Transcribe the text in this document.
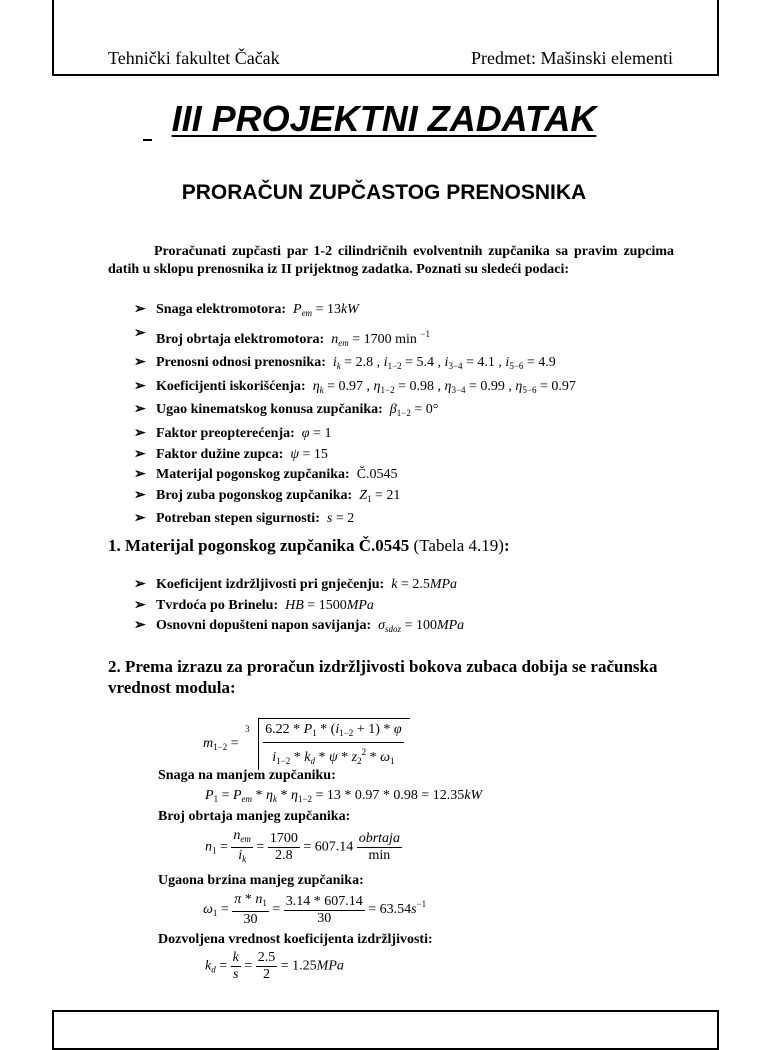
Tehnički fakultet Čačak	Predmet: Mašinski elementi
III PROJEKTNI ZADATAK
PRORAČUN ZUPČASTOG PRENOSNIKA
Proračunati zupčasti par 1-2 cilindričnih evolventnih zupčanika sa pravim zupcima datih u sklopu prenosnika iz II prijektnog zadatka. Poznati su sledeći podaci:
➢ Snaga elektromotora: $P_{em} = 13kW$
➢ Broj obrtaja elektromotora: $n_{em} = 1700$ min $^{-1}$
➢ Prenosni odnosi prenosnika: $i_k = 2.8$ , $i_{1-2} = 5.4$ , $i_{3-4} = 4.1$ , $i_{5-6} = 4.9$
➢ Koeficijenti iskorišćenja: $\eta_k = 0.97$ , $\eta_{1-2} = 0.98$ , $\eta_{3-4} = 0.99$ , $\eta_{5-6} = 0.97$
➢ Ugao kinematskog konusa zupčanika: $\beta_{1-2} = 0^\circ$
➢ Faktor preopterećenja: φ = 1
➢ Faktor dužine zupca: ψ = 15
➢ Materijal pogonskog zupčanika: Č.0545
➢ Broj zuba pogonskog zupčanika: $Z_1 = 21$
➢ Potreban stepen sigurnosti: s = 2
1. Materijal pogonskog zupčanika Č.0545 (Tabela 4.19):
➢ Koeficijent izdržljivosti pri gnječenju: k = 2.5MPa
➢ Tvrdoća po Brinelu: HB = 1500MPa
➢ Osnovni dopušteni napon savijanja: $\sigma_{sdoz} = 100MPa$
2. Prema izrazu za proračun izdržljivosti bokova zubaca dobija se računska vrednost modula:
$m_{1-2}$ =
$3 \frac{6.22 * P_1 * (i_{1-2} + 1) * \varphi}{i_{1-2} * k_d * \psi * z_2^2 * \omega_1}$
Snaga na manjem zupčaniku:
$P_1 = P_{em} * \eta_k * \eta_{1-2} = 13 * 0.97 * 0.98 = 12.35kW$
Broj obrtaja manjeg zupčanika:
$n_1 = \frac{n_{em}}{i_k} = \frac{1700}{2.8} = 607.14 \frac{\text{obrtaja}}{\min}$
Ugaona brzina manjeg zupčanika:
$\omega_1 = \frac{\pi * n_1}{30} = \frac{3.14 * 607.14}{30} = 63.54s^{-1}$
Dozvoljena vrednost koeficijenta izdržljivosti:
$k_d = \frac{k}{s} = \frac{2.5}{2} = 1.25MPa$
